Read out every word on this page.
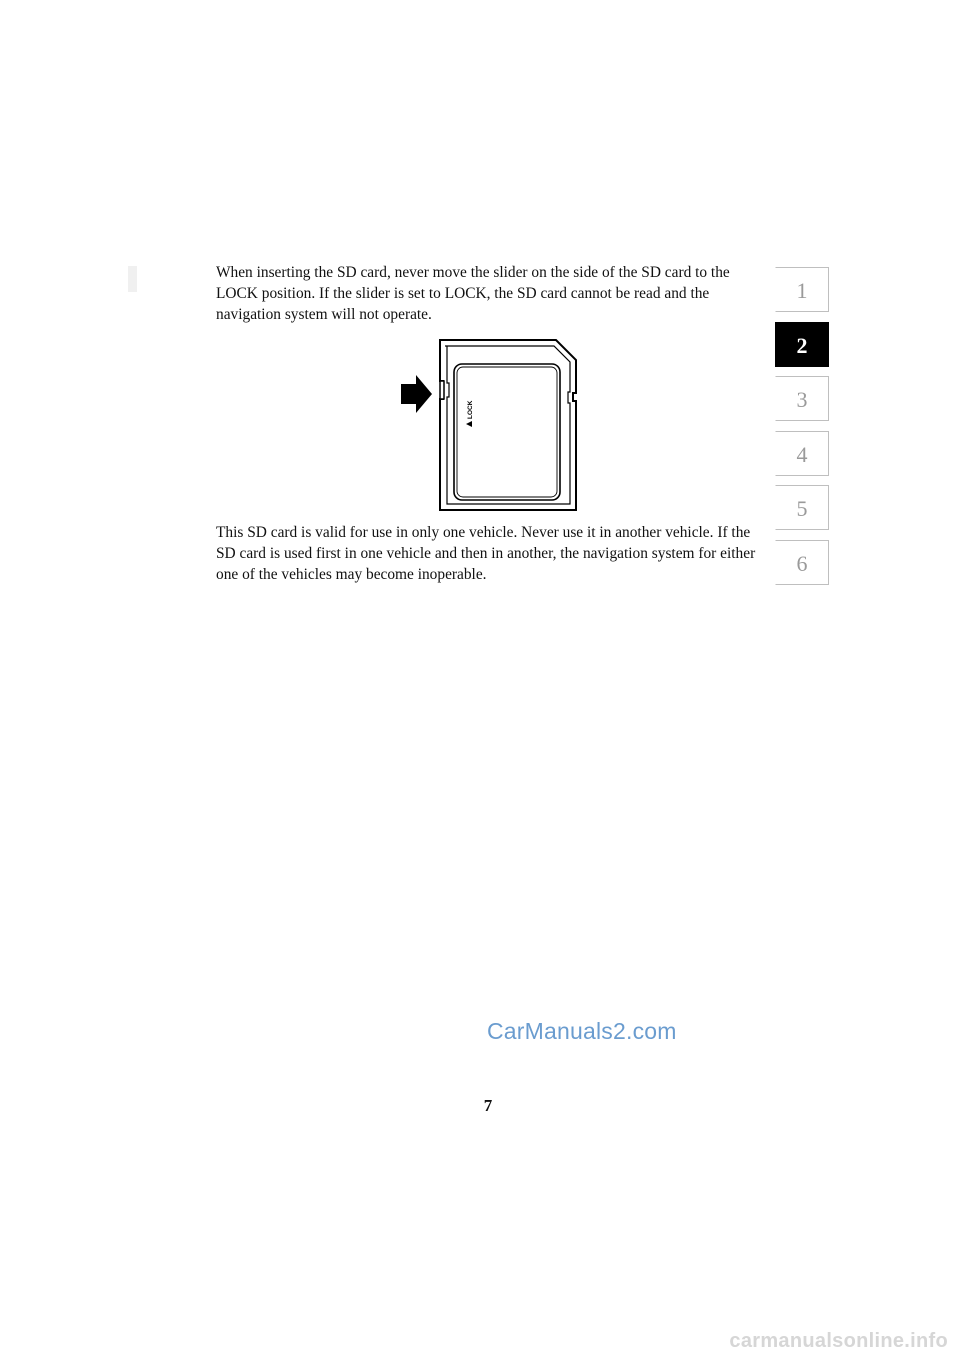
When inserting the SD card, never move the slider on the side of the SD card to the LOCK position. If the slider is set to LOCK, the SD card cannot be read and the navigation system will not operate.

LOCK

This SD card is valid for use in only one vehicle. Never use it in another vehicle. If the SD card is used first in one vehicle and then in another, the navigation system for either one of the vehicles may become inoperable.

1
2
3
4
5
6
CarManuals2.com
7
carmanualsonline.info
